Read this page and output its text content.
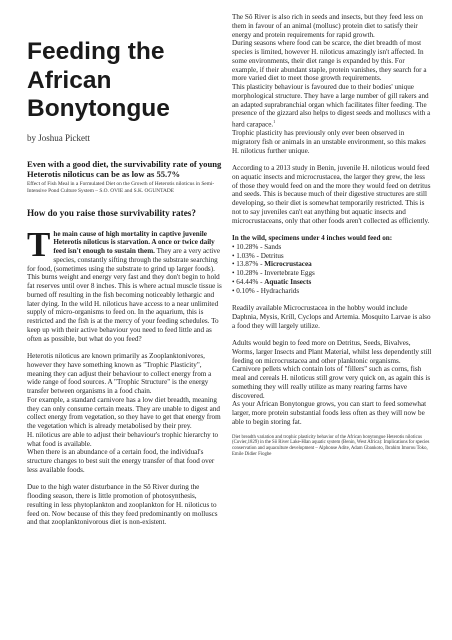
Feeding the African Bonytongue
by Joshua Pickett
Even with a good diet, the survivability rate of young Heterotis niloticus can be as low as 55.7%
Effect of Fish Meal in a Formulated Diet on the Growth of Heterotis niloticus in Semi-Intensive Pond Culture System – S.O. OVIE and S.K. OGUNTADE
How do you raise those survivability rates?
T he main cause of high mortality in captive juvenile Heterotis niloticus is starvation. A once or twice daily feed isn't enough to sustain them. They are a very active species, constantly sifting through the substrate searching for food, (sometimes using the substrate to grind up larger foods). This burns weight and energy very fast and they don't begin to hold fat reserves until over 8 inches. This is where actual muscle tissue is burned off resulting in the fish becoming noticeably lethargic and later dying. In the wild H. niloticus have access to a near unlimited supply of micro-organisms to feed on. In the aquarium, this is restricted and the fish is at the mercy of your feeding schedules. To keep up with their active behaviour you need to feed little and as often as possible, but what do you feed?

Heterotis niloticus are known primarily as Zooplanktonivores, however they have something known as "Trophic Plasticity", meaning they can adjust their behaviour to collect energy from a wide range of food sources. A "Trophic Structure" is the energy transfer between organisms in a food chain.

For example, a standard carnivore has a low diet breadth, meaning they can only consume certain meats. They are unable to digest and collect energy from vegetation, so they have to get that energy from the vegetation which is already metabolised by their prey.

H. niloticus are able to adjust their behaviour's trophic hierarchy to what food is available.

When there is an abundance of a certain food, the individual's structure changes to best suit the energy transfer of that food over less available foods.

Due to the high water disturbance in the Sô River during the flooding season, there is little promotion of photosynthesis, resulting in less phytoplankton and zooplankton for H. niloticus to feed on. Now because of this they feed predominantly on molluscs and that zooplanktonivorous diet is non-existent.

The Sô River is also rich in seeds and insects, but they feed less on them in favour of an animal (mollusc) protein diet to satisfy their energy and protein requirements for rapid growth.

During seasons where food can be scarce, the diet breadth of most species is limited, however H. niloticus amazingly isn't affected. In some environments, their diet range is expanded by this. For example, if their abundant staple, protein vanishes, they search for a more varied diet to meet those growth requirements.

This plasticity behaviour is favoured due to their bodies' unique morphological structure. They have a large number of gill rakers and an adapted suprabranchial organ which facilitates filter feeding. The presence of the gizzard also helps to digest seeds and molluscs with a hard carapace.$^1$

Trophic plasticity has previously only ever been observed in migratory fish or animals in an unstable environment, so this makes H. niloticus further unique.

According to a 2013 study in Benin, juvenile H. niloticus would feed on aquatic insects and microcrustacea, the larger they grew, the less of those they would feed on and the more they would feed on detritus and seeds. This is because much of their digestive structures are still developing, so their diet is somewhat temporarily restricted. This is not to say juveniles can't eat anything but aquatic insects and microcrustaceans, only that other foods aren't collected as efficiently.

In the wild, specimens under 4 inches would feed on:

• 10.28% - Sands
• 1.03% - Detritus
• 13.87% - Microcrustacea
• 10.28% - Invertebrate Eggs
• 64.44% - Aquatic Insects
• 0.10% - Hydracharids

Readily available Microcrustacea in the hobby would include Daphnia, Mysis, Krill, Cyclops and Artemia. Mosquito Larvae is also a food they will largely utilize.

Adults would begin to feed more on Detritus, Seeds, Bivalves, Worms, larger Insects and Plant Material, whilst less dependently still feeding on microcrustacea and other planktonic organisms.

Carnivore pellets which contain lots of "fillers" such as corns, fish meal and cereals H. niloticus still grow very quick on, as again this is something they will really utilize as many rearing farms have discovered.

As your African Bonytongue grows, you can start to feed somewhat larger, more protein substantial foods less often as they will now be able to begin storing fat.

Diet breadth variation and trophic plasticity behavior of the African bonytongue Heterotis niloticus (Cuvier,1829) in the Sô River Lake-Hlan aquatic system (Benin, West Africa): Implications for species conservation and aquaculture development – Alphonse Adite, Adam Gbankoto, Ibrahim Imorou Toko, Emile Didier Fiogbe
